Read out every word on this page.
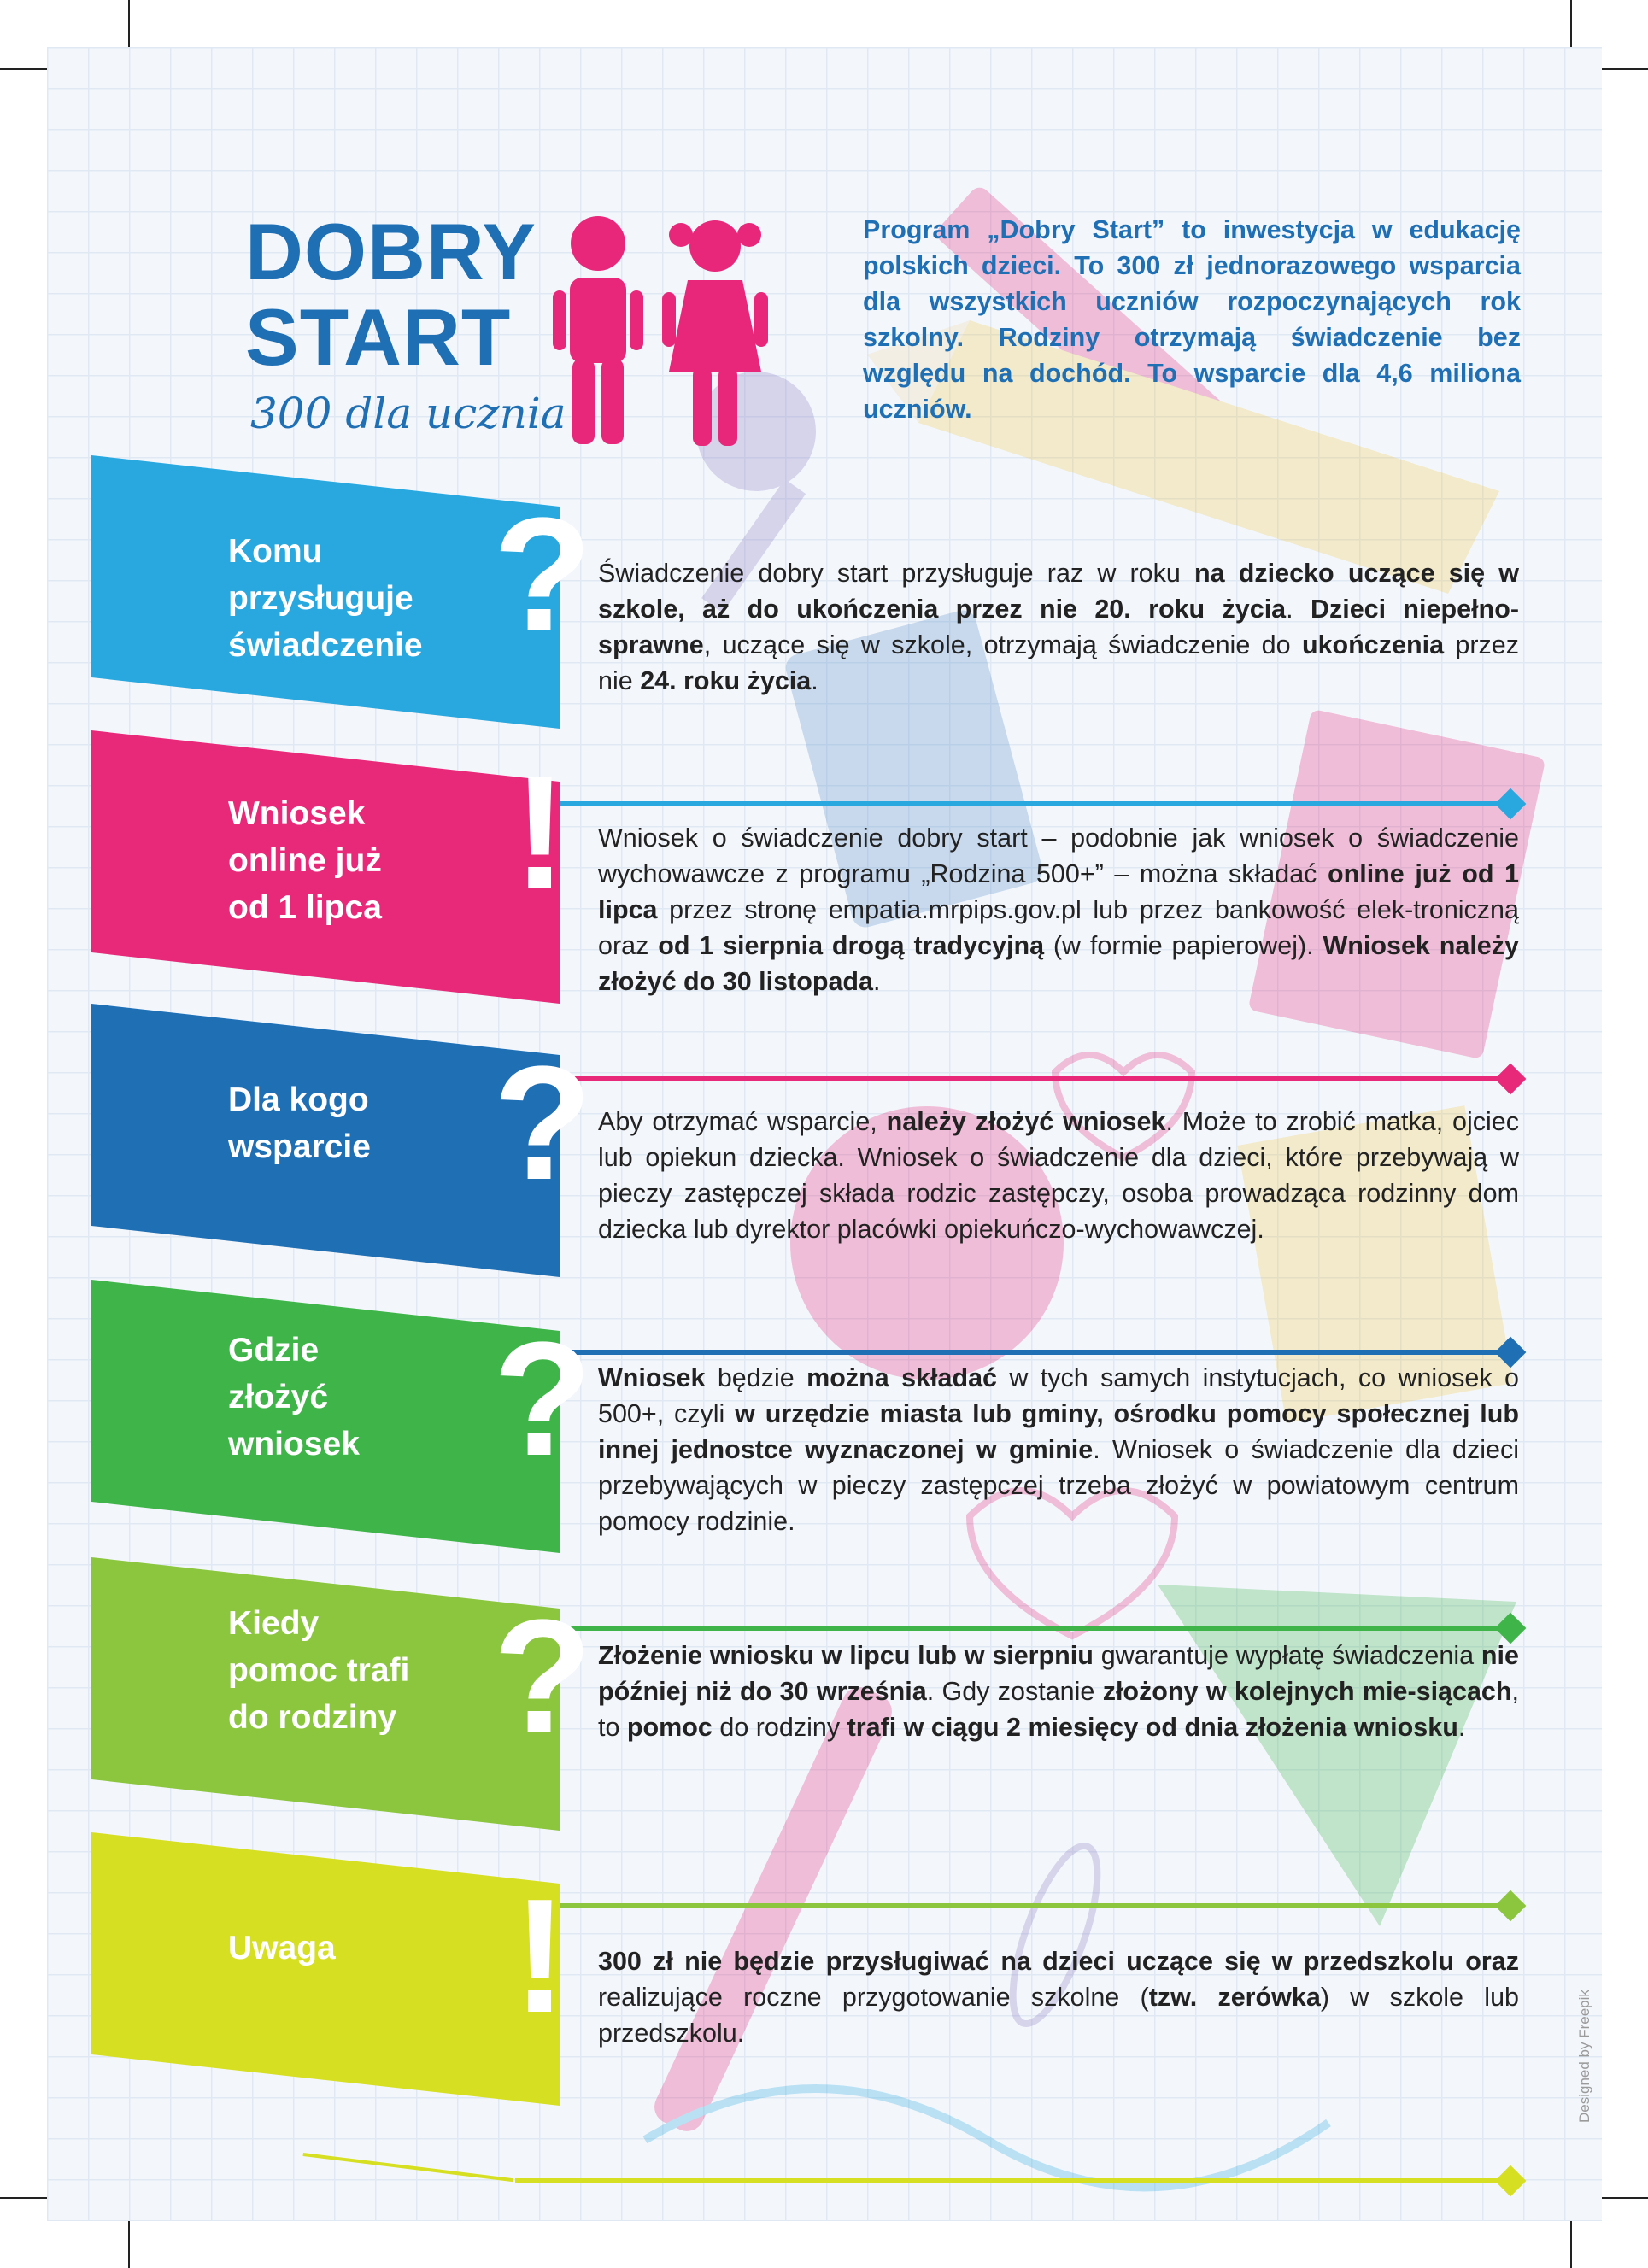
DOBRY
START
300 dla ucznia

Program „Dobry Start” to inwestycja w edukację polskich dzieci. To 300 zł jednorazowego wsparcia dla wszystkich uczniów rozpoczynających rok szkolny. Rodziny otrzymają świadczenie bez względu na dochód. To wsparcie dla 4,6 miliona uczniów.

Komu
przysługuje
świadczenie ? Świadczenie dobry start przysługuje raz w roku na dziecko uczące się w szkole, aż do ukończenia przez nie 20. roku życia. Dzieci niepełno-sprawne, uczące się w szkole, otrzymają świadczenie do ukończenia przez nie 24. roku życia.

Wniosek
online już
od 1 lipca !	Wniosek o świadczenie dobry start – podobnie jak wniosek o świadczenie wychowawcze z programu „Rodzina 500+” – można składać online już od 1 lipca przez stronę empatia.mrpips.gov.pl lub przez bankowość elek-troniczną oraz od 1 sierpnia drogą tradycyjną (w formie papierowej). Wniosek należy złożyć do 30 listopada.

Dla kogo
wsparcie ? Aby otrzymać wsparcie, należy złożyć wniosek. Może to zrobić matka, ojciec lub opiekun dziecka. Wniosek o świadczenie dla dzieci, które przebywają w pieczy zastępczej składa rodzic zastępczy, osoba prowadząca rodzinny dom dziecka lub dyrektor placówki opiekuńczo-wychowawczej.

Gdzie
złożyć
wniosek ? Wniosek będzie można składać w tych samych instytucjach, co wniosek o 500+, czyli w urzędzie miasta lub gminy, ośrodku pomocy społecznej lub innej jednostce wyznaczonej w gminie. Wniosek o świadczenie dla dzieci przebywających w pieczy zastępczej trzeba złożyć w powiatowym centrum pomocy rodzinie.

Kiedy
pomoc trafi
do rodziny ? Złożenie wniosku w lipcu lub w sierpniu gwarantuje wypłatę świadczenia nie później niż do 30 września. Gdy zostanie złożony w kolejnych mie-siącach, to pomoc do rodziny trafi w ciągu 2 miesięcy od dnia złożenia wniosku.

Uwaga !	300 zł nie będzie przysługiwać na dzieci uczące się w przedszkolu oraz realizujące roczne przygotowanie szkolne (tzw. zerówka) w szkole lub przedszkolu.	Designed by Freepik
